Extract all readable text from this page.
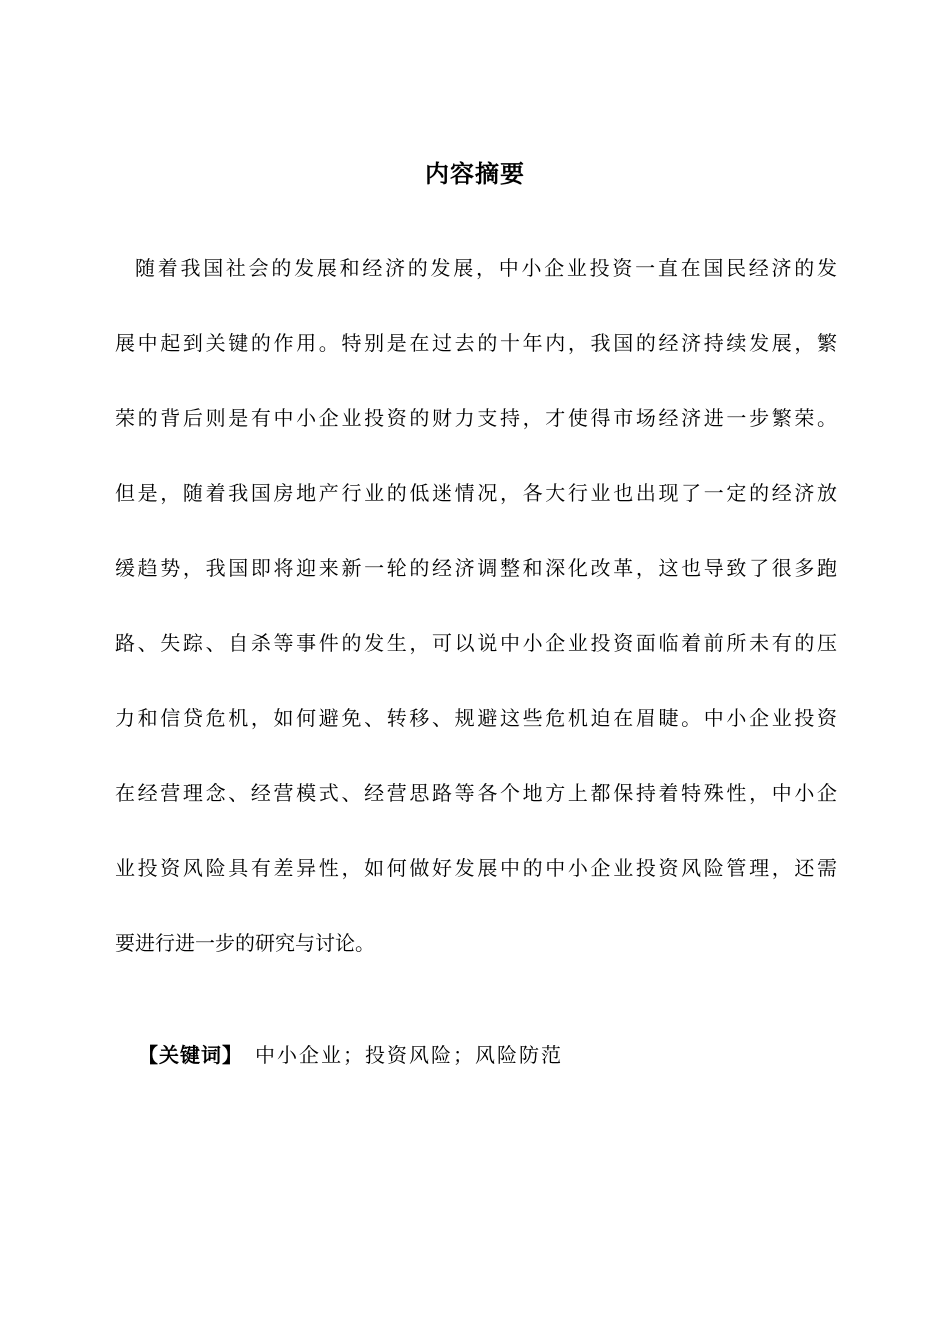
内容摘要
随着我国社会的发展和经济的发展，中小企业投资一直在国民经济的发
展中起到关键的作用。特别是在过去的十年内，我国的经济持续发展，繁
荣的背后则是有中小企业投资的财力支持，才使得市场经济进一步繁荣。
但是，随着我国房地产行业的低迷情况，各大行业也出现了一定的经济放
缓趋势，我国即将迎来新一轮的经济调整和深化改革，这也导致了很多跑
路、失踪、自杀等事件的发生，可以说中小企业投资面临着前所未有的压
力和信贷危机，如何避免、转移、规避这些危机迫在眉睫。中小企业投资
在经营理念、经营模式、经营思路等各个地方上都保持着特殊性，中小企
业投资风险具有差异性，如何做好发展中的中小企业投资风险管理，还需
要进行进一步的研究与讨论。
【关键词】 中小企业；投资风险；风险防范
